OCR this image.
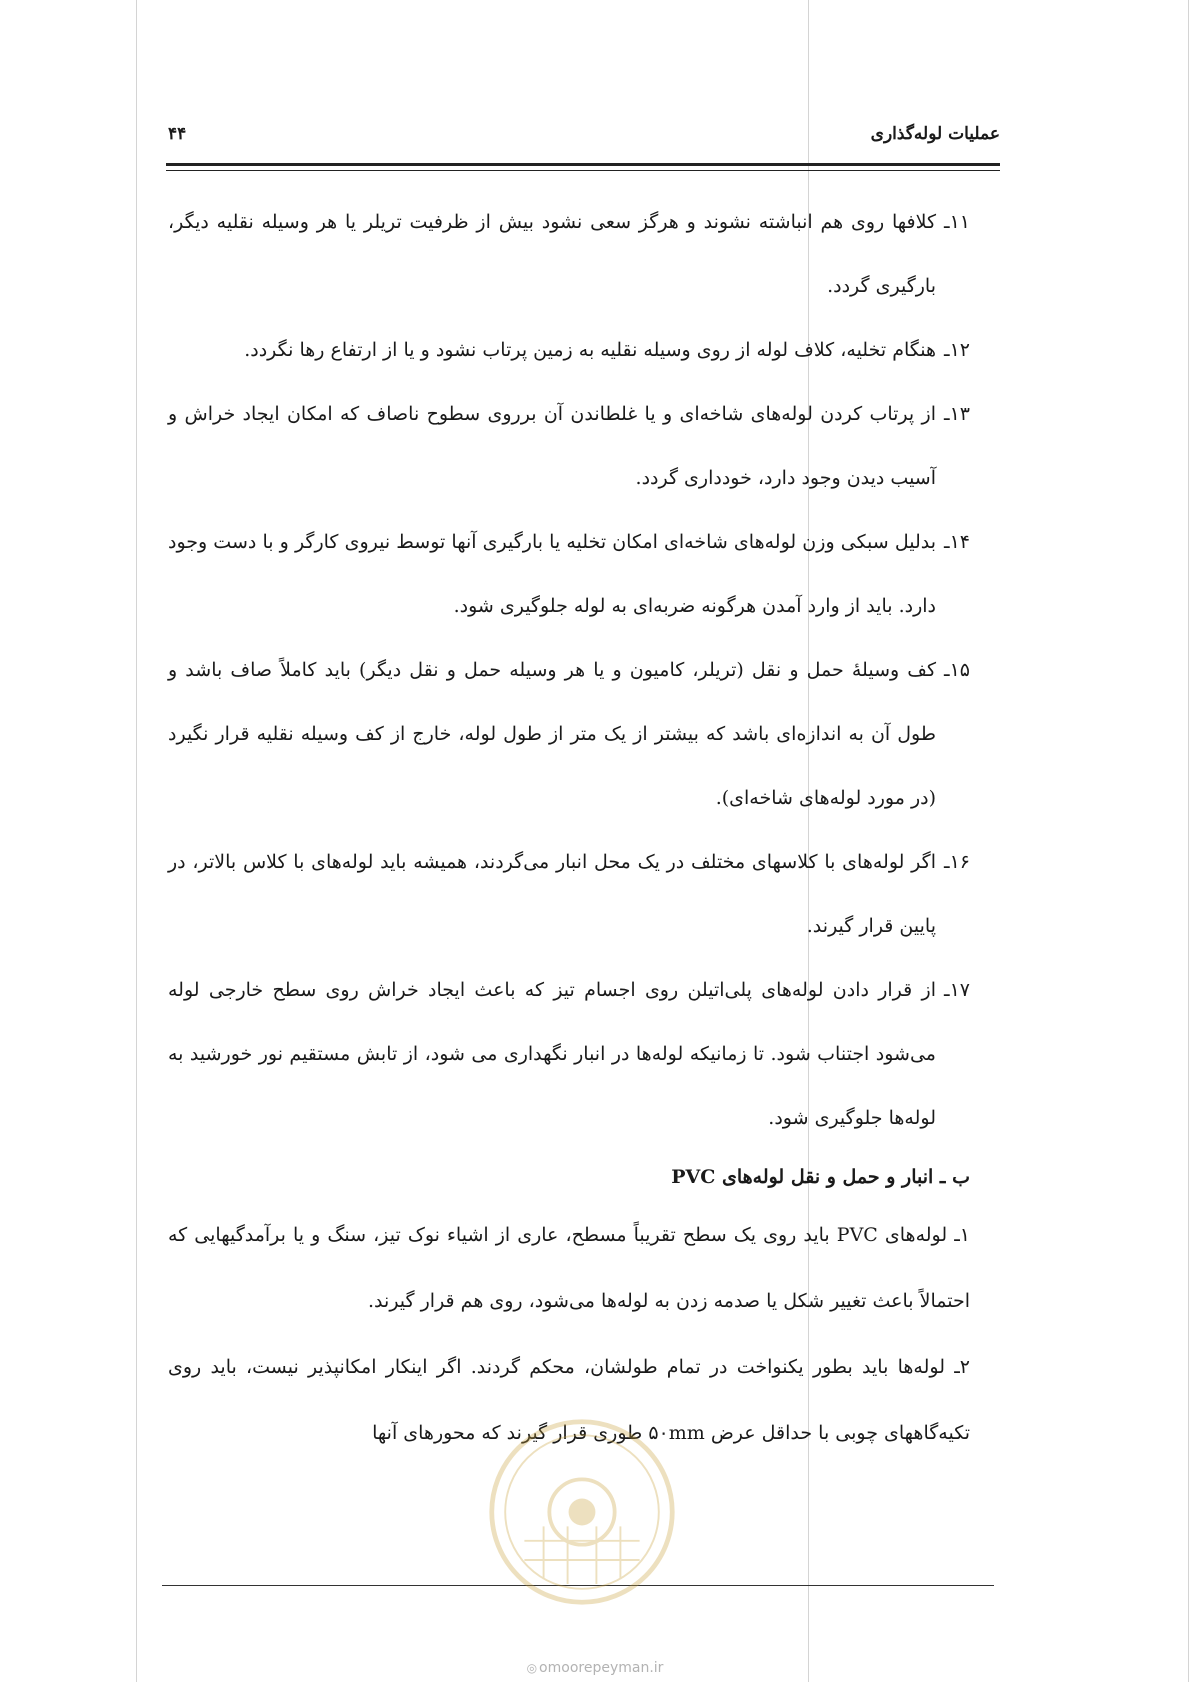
۴۴	عملیات لوله‌گذاری

۱۱ـ
کلافها روی هم انباشته نشوند و هرگز سعی نشود بیش از ظرفیت تریلر یا هر وسیله نقلیه دیگر، بارگیری گردد.

۱۲ـ
هنگام تخلیه، کلاف لوله از روی وسیله نقلیه به زمین پرتاب نشود و یا از ارتفاع رها نگردد.

۱۳ـ
از پرتاب کردن لوله‌های شاخه‌ای و یا غلطاندن آن برروی سطوح ناصاف که امکان ایجاد خراش و آسیب دیدن وجود دارد، خودداری گردد.

۱۴ـ
بدلیل سبکی وزن لوله‌های شاخه‌ای امکان تخلیه یا بارگیری آنها توسط نیروی کارگر و با دست وجود دارد. باید از وارد آمدن هرگونه ضربه‌ای به لوله جلوگیری شود.

۱۵ـ
کف وسیلهٔ حمل و نقل (تریلر، کامیون و یا هر وسیله حمل و نقل دیگر) باید کاملاً صاف باشد و طول آن به اندازه‌ای باشد که بیشتر از یک متر از طول لوله، خارج از کف وسیله نقلیه قرار نگیرد (در مورد لوله‌های شاخه‌ای).

۱۶ـ
اگر لوله‌های با کلاسهای مختلف در یک محل انبار می‌گردند، همیشه باید لوله‌های با کلاس بالاتر، در پایین قرار گیرند.

۱۷ـ
از قرار دادن لوله‌های پلی‌اتیلن روی اجسام تیز که باعث ایجاد خراش روی سطح خارجی لوله می‌شود اجتناب شود. تا زمانیکه لوله‌ها در انبار نگهداری می شود، از تابش مستقیم نور خورشید به لوله‌ها جلوگیری شود.

ب ـ انبار و حمل و نقل لوله‌های PVC

۱ـ لوله‌های PVC باید روی یک سطح تقریباً مسطح، عاری از اشیاء نوک تیز، سنگ و یا برآمدگیهایی که احتمالاً باعث تغییر شکل یا صدمه زدن به لوله‌ها می‌شود، روی هم قرار گیرند.

۲ـ لوله‌ها باید بطور یکنواخت در تمام طولشان، محکم گردند. اگر اینکار امکانپذیر نیست، باید روی تکیه‌گاههای چوبی با حداقل عرض ۵۰mm طوری قرار گیرند که محورهای آنها

◎ omoorepeyman.ir
